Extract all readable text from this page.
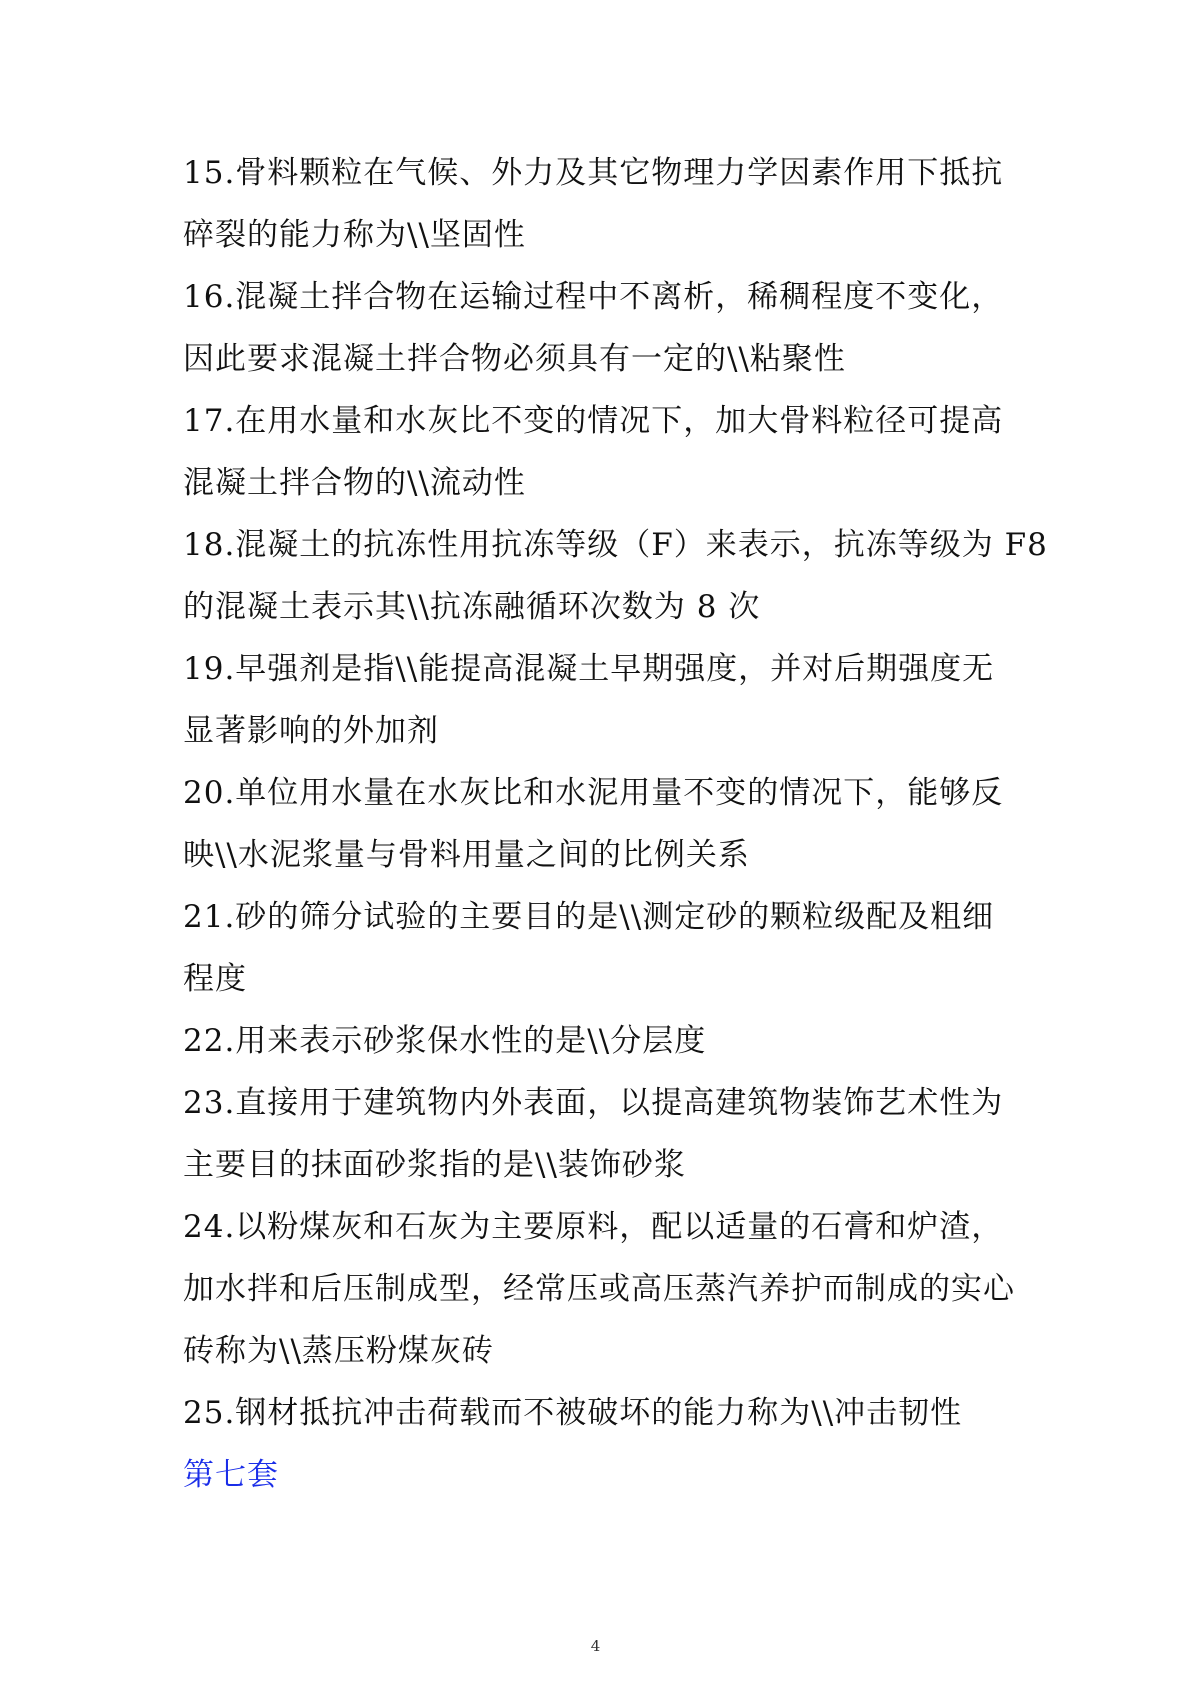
15.骨料颗粒在气候、外力及其它物理力学因素作用下抵抗
碎裂的能力称为\\坚固性
16.混凝土拌合物在运输过程中不离析，稀稠程度不变化，
因此要求混凝土拌合物必须具有一定的\\粘聚性
17.在用水量和水灰比不变的情况下，加大骨料粒径可提高
混凝土拌合物的\\流动性
18.混凝土的抗冻性用抗冻等级（F）来表示，抗冻等级为 F8
的混凝土表示其\\抗冻融循环次数为 8 次
19.早强剂是指\\能提高混凝土早期强度，并对后期强度无
显著影响的外加剂
20.单位用水量在水灰比和水泥用量不变的情况下，能够反
映\\水泥浆量与骨料用量之间的比例关系
21.砂的筛分试验的主要目的是\\测定砂的颗粒级配及粗细
程度
22.用来表示砂浆保水性的是\\分层度
23.直接用于建筑物内外表面，以提高建筑物装饰艺术性为
主要目的抹面砂浆指的是\\装饰砂浆
24.以粉煤灰和石灰为主要原料，配以适量的石膏和炉渣，
加水拌和后压制成型，经常压或高压蒸汽养护而制成的实心
砖称为\\蒸压粉煤灰砖
25.钢材抵抗冲击荷载而不被破坏的能力称为\\冲击韧性
第七套
4
